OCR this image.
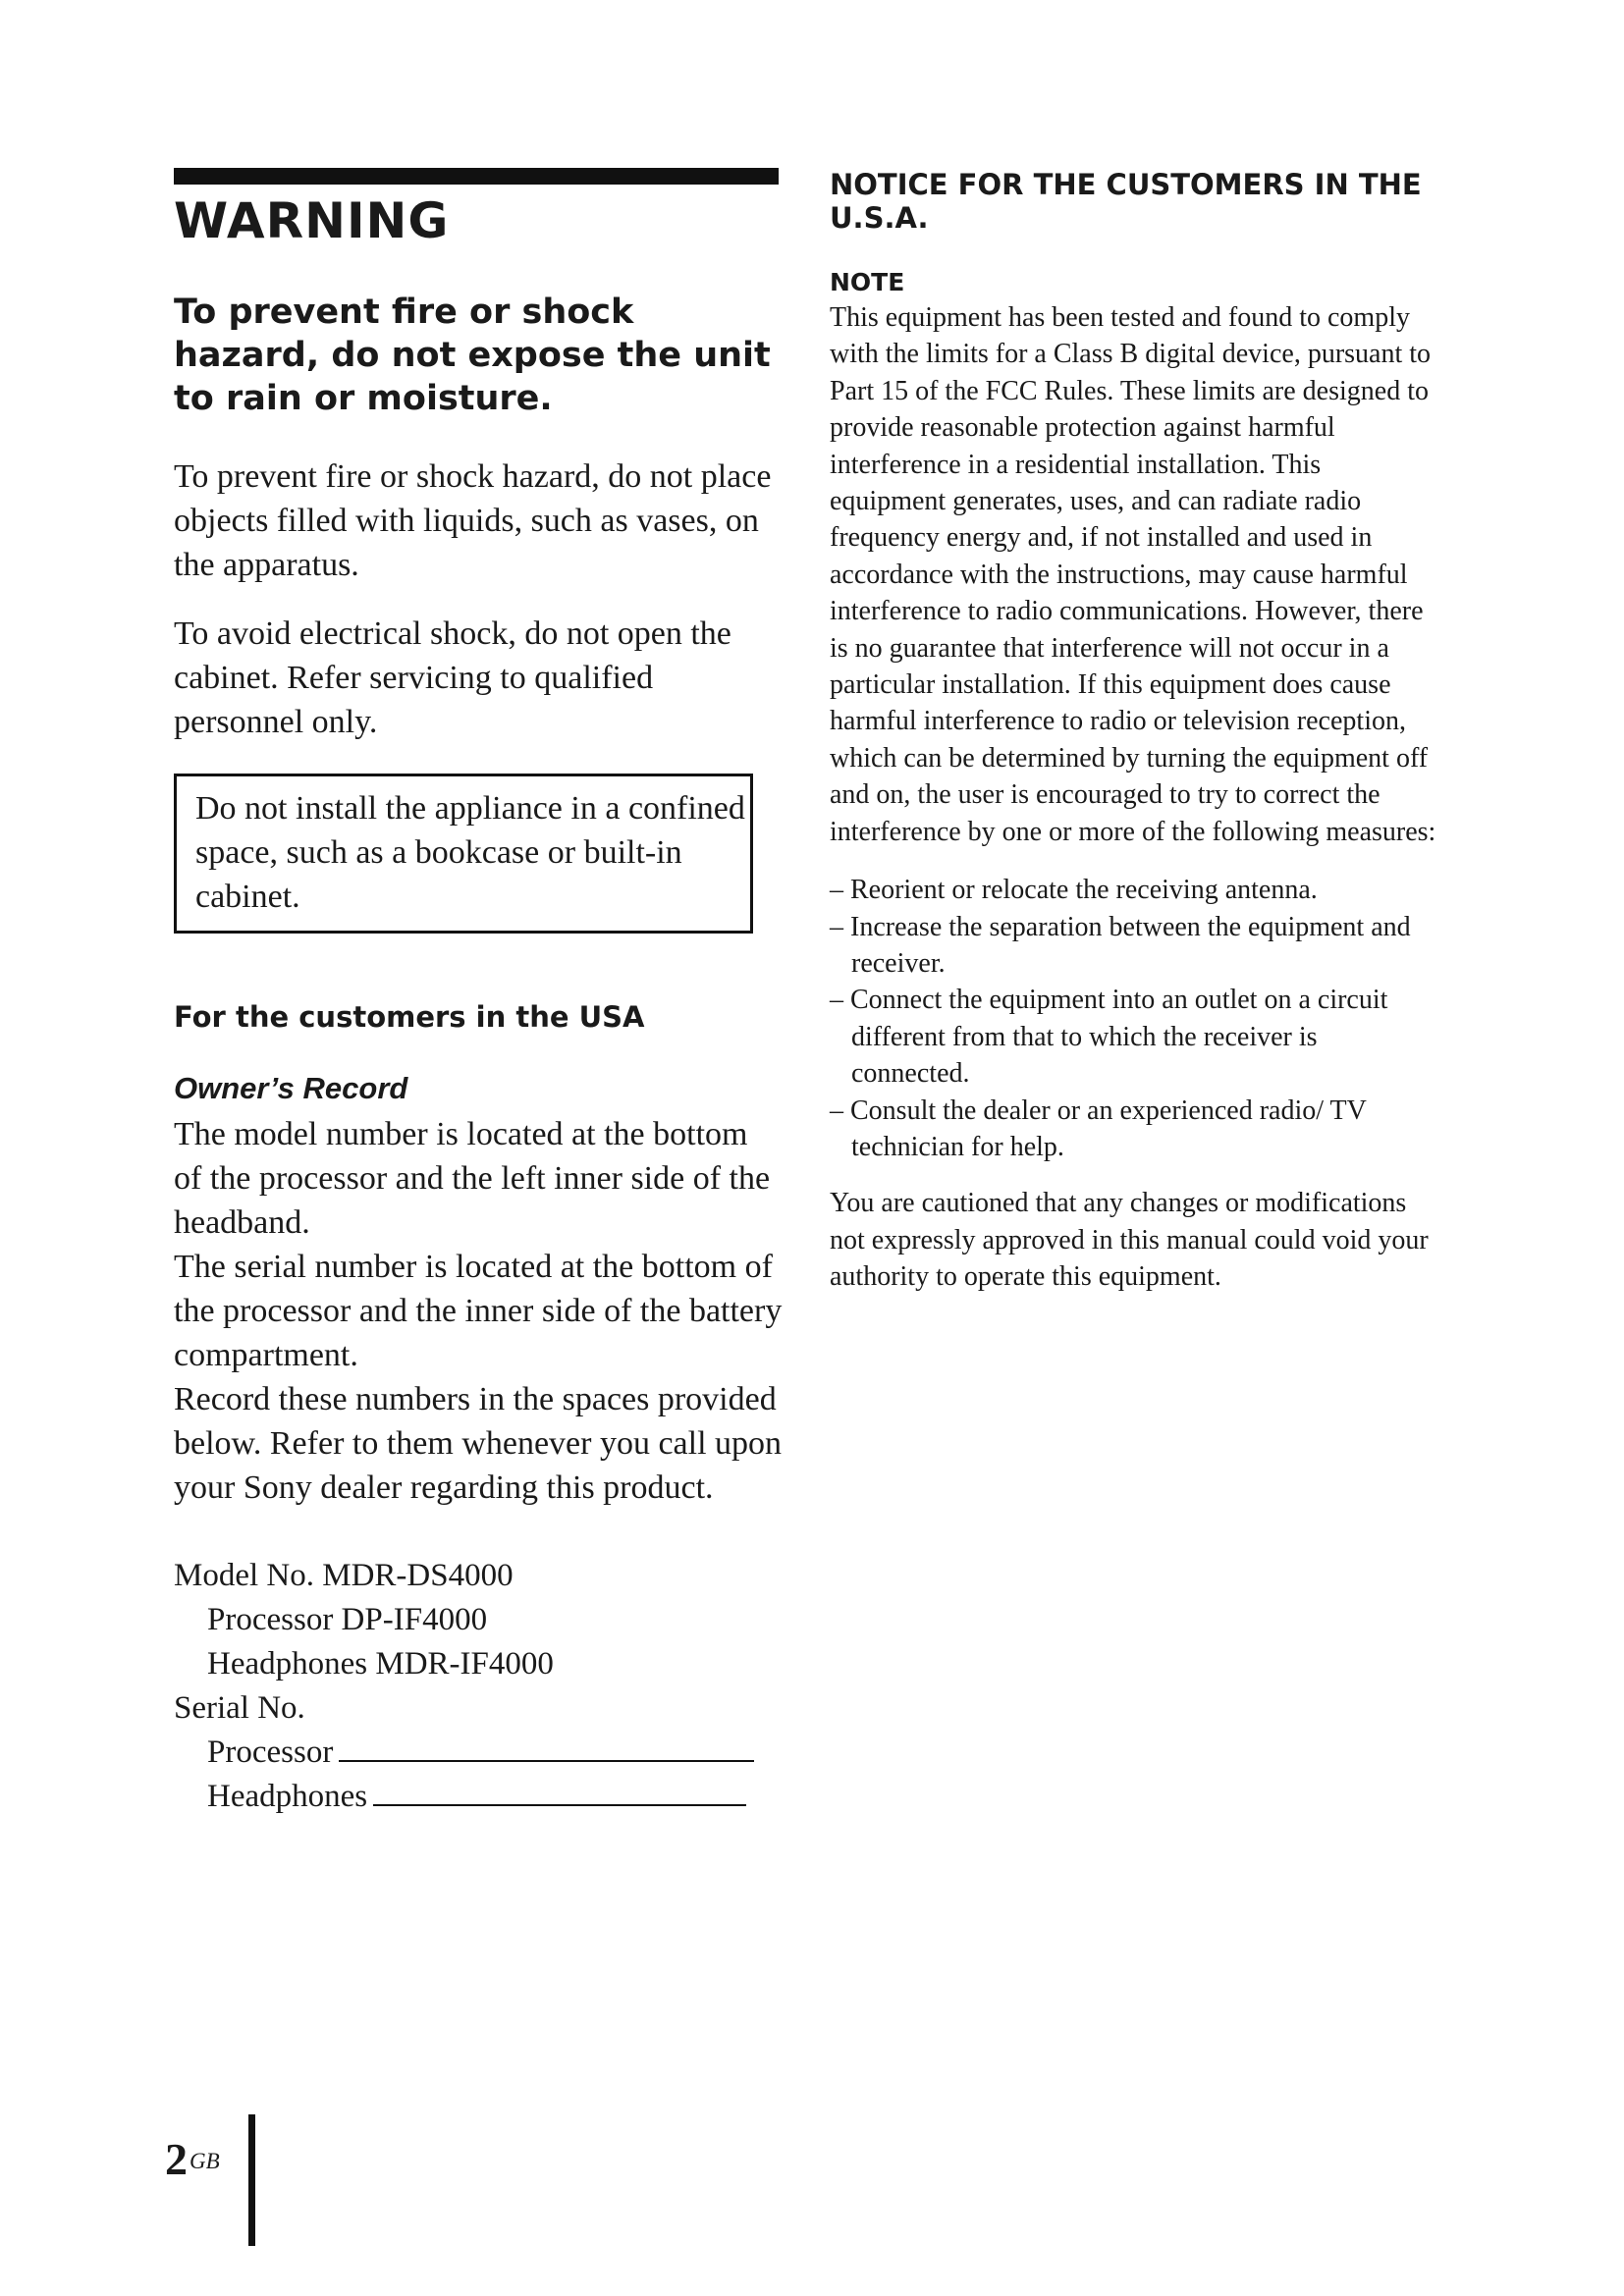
WARNING
To prevent fire or shock hazard, do not expose the unit to rain or moisture.

To prevent fire or shock hazard, do not place objects filled with liquids, such as vases, on the apparatus.

To avoid electrical shock, do not open the cabinet. Refer servicing to qualified personnel only.

Do not install the appliance in a confined space, such as a bookcase or built-in cabinet.

For the customers in the USA
Owner’s Record

The model number is located at the bottom of the processor and the left inner side of the headband.

The serial number is located at the bottom of the processor and the inner side of the battery compartment.

Record these numbers in the spaces provided below. Refer to them whenever you call upon your Sony dealer regarding this product.

Model No. MDR-DS4000
Processor DP-IF4000
Headphones MDR-IF4000
Serial No.
Processor
Headphones
NOTICE FOR THE CUSTOMERS IN THE U.S.A.
NOTE

This equipment has been tested and found to comply with the limits for a Class B digital device, pursuant to Part 15 of the FCC Rules. These limits are designed to provide reasonable protection against harmful interference in a residential installation. This equipment generates, uses, and can radiate radio frequency energy and, if not installed and used in accordance with the instructions, may cause harmful interference to radio communications. However, there is no guarantee that interference will not occur in a particular installation. If this equipment does cause harmful interference to radio or television reception, which can be determined by turning the equipment off and on, the user is encouraged to try to correct the interference by one or more of the following measures:

– Reorient or relocate the receiving antenna.
– Increase the separation between the equipment and receiver.
– Connect the equipment into an outlet on a circuit different from that to which the receiver is connected.
– Consult the dealer or an experienced radio/ TV technician for help.

You are cautioned that any changes or modifications not expressly approved in this manual could void your authority to operate this equipment.

$2^{GB}$
